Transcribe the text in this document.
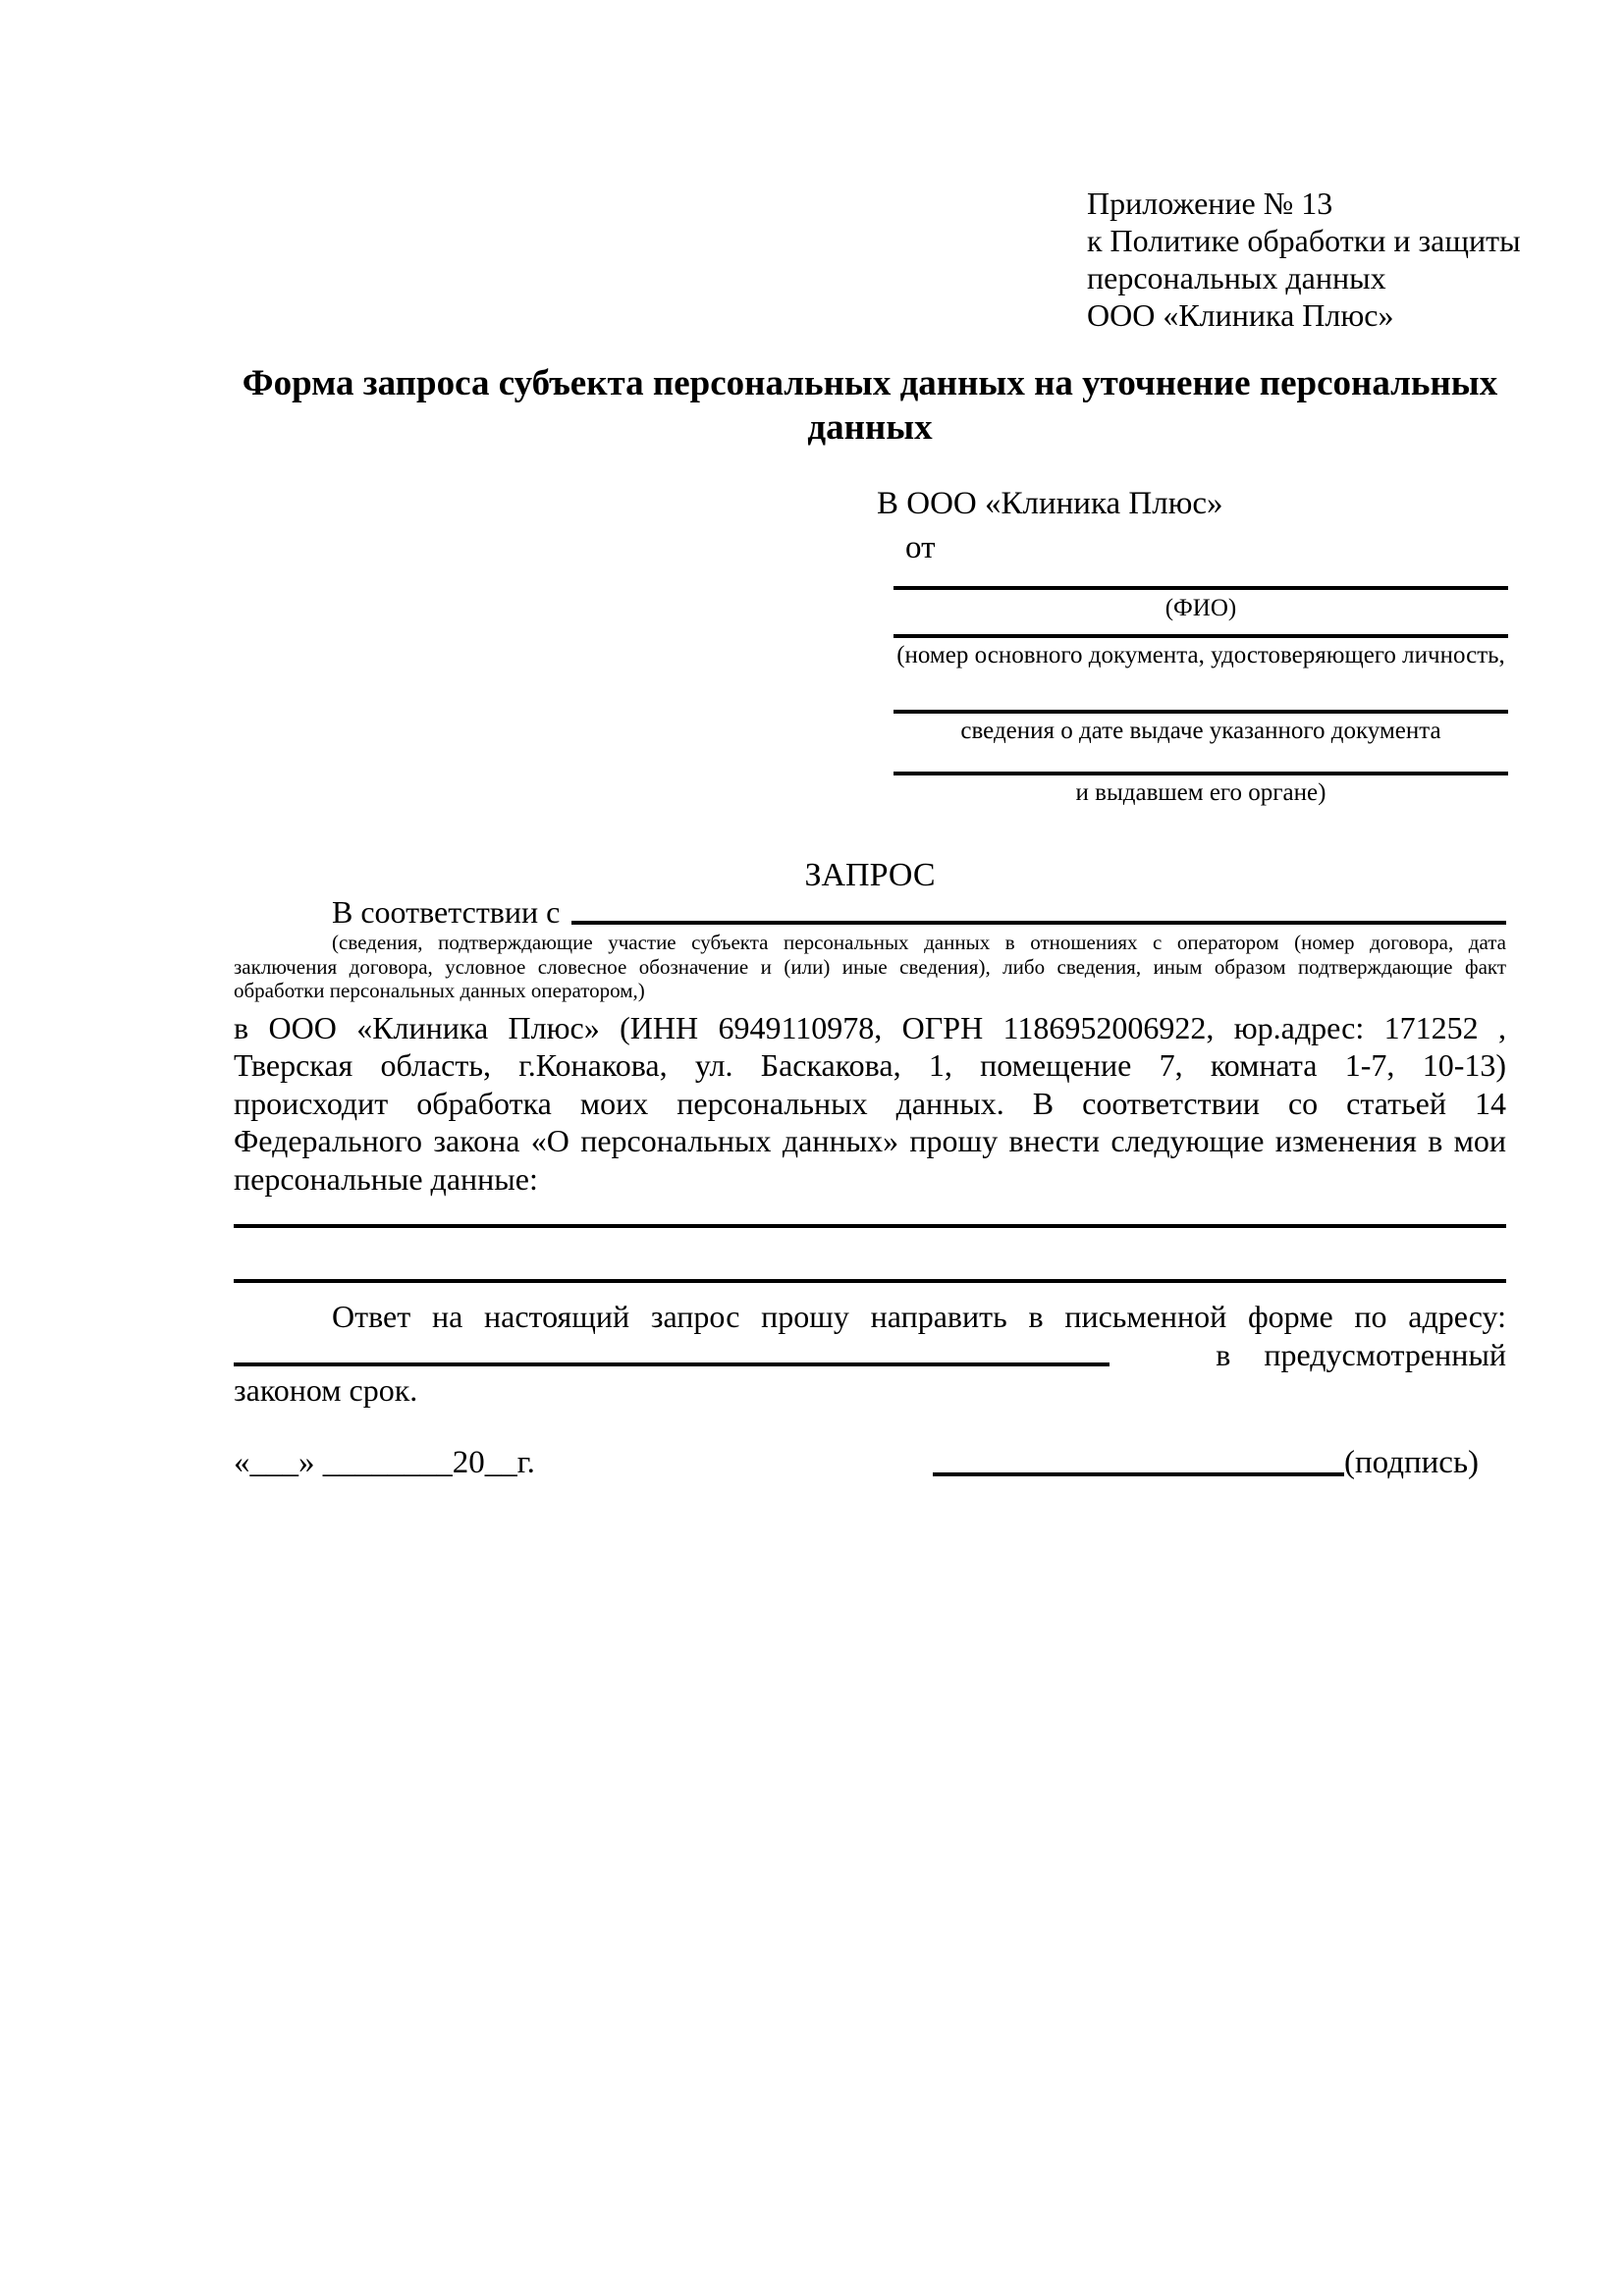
Приложение № 13
к Политике обработки и защиты
персональных данных
ООО «Клиника Плюс»
Форма запроса субъекта персональных данных на уточнение персональных данных
В ООО «Клиника Плюс»
от
(ФИО)
(номер основного документа, удостоверяющего личность,
сведения о дате выдаче указанного документа
и выдавшем его органе)
ЗАПРОС
В соответствии с
(сведения, подтверждающие участие субъекта персональных данных в отношениях с оператором (номер договора, дата
заключения договора, условное словесное обозначение и (или) иные сведения), либо сведения, иным образом подтверждающие факт
обработки персональных данных оператором,)
в ООО «Клиника Плюс» (ИНН 6949110978, ОГРН 1186952006922, юр.адрес: 171252 ,
Тверская область, г.Конакова, ул. Баскакова, 1, помещение 7, комната 1-7, 10-13)
происходит обработка моих персональных данных. В соответствии со статьей 14
Федерального закона «О персональных данных» прошу внести следующие изменения в мои
персональные данные:
Ответ на настоящий запрос прошу направить в письменной форме по адресу:
в предусмотренный
законом срок.
«___» ________20__г.	(подпись)
